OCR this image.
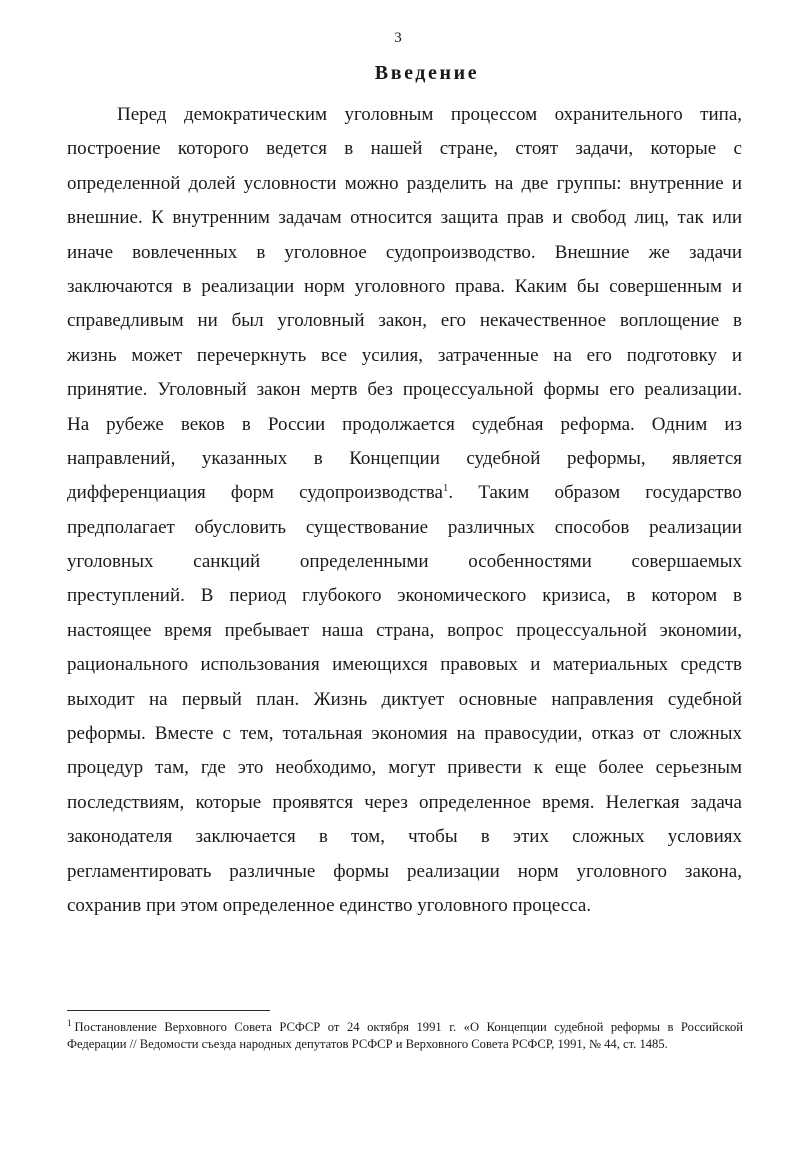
3
Введение
Перед демократическим уголовным процессом охранительного типа,
построение которого ведется в нашей стране, стоят задачи, которые с
определенной долей условности можно разделить на две группы: внутренние и
внешние. К внутренним задачам относится защита прав и свобод лиц, так или
иначе вовлеченных в уголовное судопроизводство. Внешние же задачи
заключаются в реализации норм уголовного права. Каким бы совершенным и
справедливым ни был уголовный закон, его некачественное воплощение в
жизнь может перечеркнуть все усилия, затраченные на его подготовку и
принятие. Уголовный закон мертв без процессуальной формы его реализации.
На рубеже веков в России продолжается судебная реформа. Одним из
направлений, указанных в Концепции судебной реформы, является
дифференциация форм судопроизводства$^1$. Таким образом государство
предполагает обусловить существование различных способов реализации
уголовных санкций определенными особенностями совершаемых
преступлений. В период глубокого экономического кризиса, в котором в
настоящее время пребывает наша страна, вопрос процессуальной экономии,
рационального использования имеющихся правовых и материальных средств
выходит на первый план. Жизнь диктует основные направления судебной
реформы. Вместе с тем, тотальная экономия на правосудии, отказ от сложных
процедур там, где это необходимо, могут привести к еще более серьезным
последствиям, которые проявятся через определенное время. Нелегкая задача
законодателя заключается в том, чтобы в этих сложных условиях
регламентировать различные формы реализации норм уголовного закона,
сохранив при этом определенное единство уголовного процесса.
$^1$ Постановление Верховного Совета РСФСР от 24 октября 1991 г. «О Концепции судебной реформы в Российской Федерации // Ведомости съезда народных депутатов РСФСР и Верховного Совета РСФСР, 1991, № 44, ст. 1485.
